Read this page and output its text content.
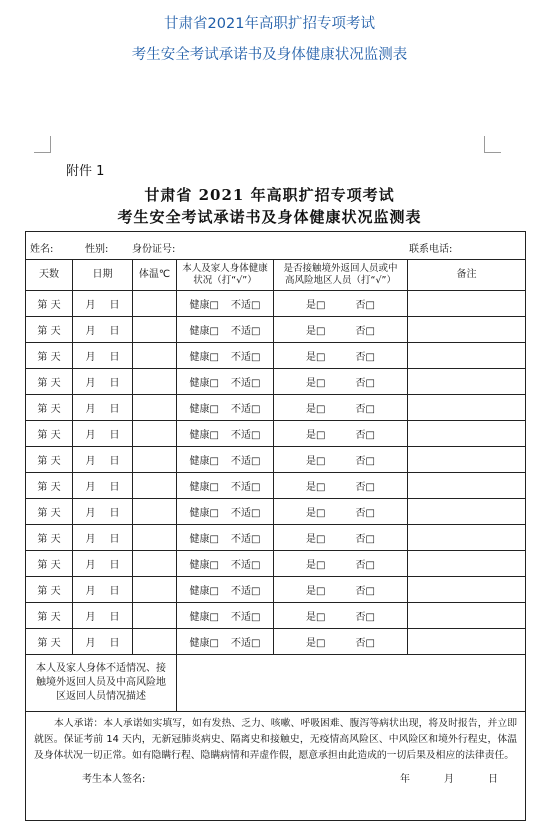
甘肃省2021年高职扩招专项考试
考生安全考试承诺书及身体健康状况监测表
附件 1
甘肃省 2021 年高职扩招专项考试
考生安全考试承诺书及身体健康状况监测表
姓名: 性别: 身份证号: 联系电话:					

天数	日期	体温℃	本人及家人身体健康状况（打“√”）	是否接触境外返回人员或中高风险地区人员（打“√”）	备注
第 天	月 日		健康□ 不适□	是□ 否□	
第 天	月 日		健康□ 不适□	是□ 否□	
第 天	月 日		健康□ 不适□	是□ 否□	
第 天	月 日		健康□ 不适□	是□ 否□	
第 天	月 日		健康□ 不适□	是□ 否□	
第 天	月 日		健康□ 不适□	是□ 否□	
第 天	月 日		健康□ 不适□	是□ 否□	
第 天	月 日		健康□ 不适□	是□ 否□	
第 天	月 日		健康□ 不适□	是□ 否□	
第 天	月 日		健康□ 不适□	是□ 否□	
第 天	月 日		健康□ 不适□	是□ 否□	
第 天	月 日		健康□ 不适□	是□ 否□	
第 天	月 日		健康□ 不适□	是□ 否□	
第 天	月 日		健康□ 不适□	是□ 否□	
本人及家人身体不适情况、接触境外返回人员及中高风险地区返回人员情况描述					

本人承诺：本人承诺如实填写，如有发热、乏力、咳嗽、呼吸困难、腹泻等病状出现，将及时报告，并立即就医。保证考前 14 天内，无新冠肺炎病史、隔离史和接触史，无疫情高风险区、中风险区和境外行程史，体温及身体状况一切正常。如有隐瞒行程、隐瞒病情和弄虚作假，愿意承担由此造成的一切后果及相应的法律责任。
考生本人签名: 年 月 日					
